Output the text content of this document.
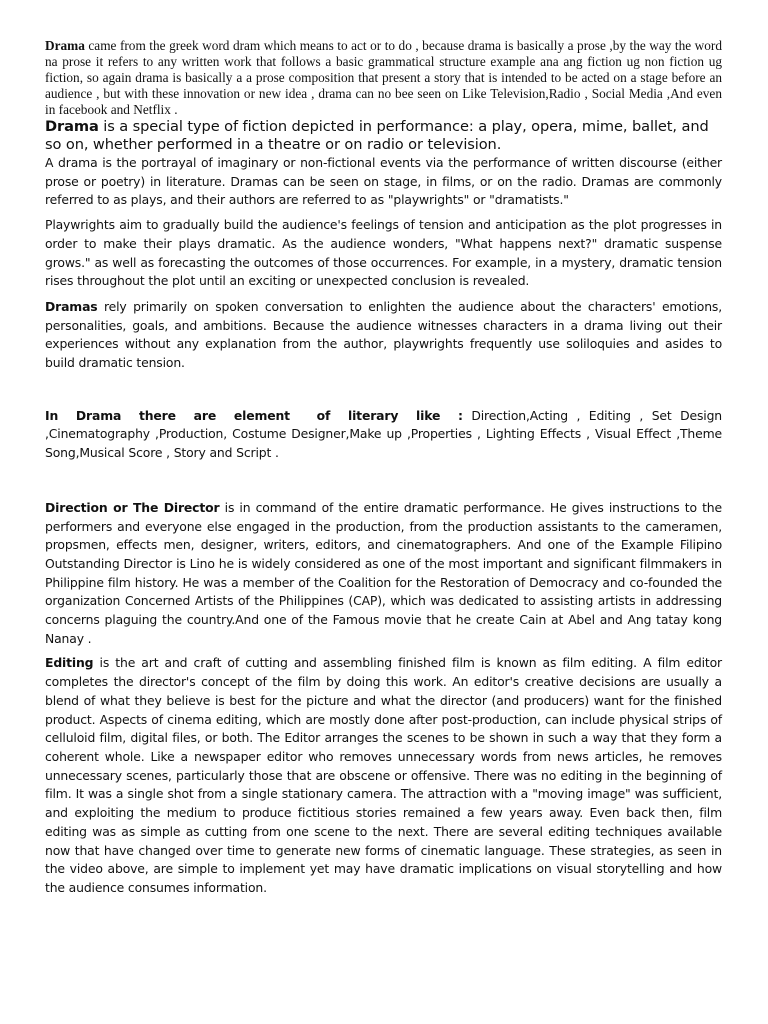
Drama came from the greek word dram which means to act or to do , because drama is basically a prose ,by the way the word na prose it refers to any written work that follows a basic grammatical structure example ana ang fiction ug non fiction ug fiction, so again drama is basically a a prose composition that present a story that is intended to be acted on a stage before an audience , but with these innovation or new idea , drama can no bee seen on Like Television,Radio , Social Media ,And even in facebook and Netflix .

Drama is a special type of fiction depicted in performance: a play, opera, mime, ballet, and so on, whether performed in a theatre or on radio or television.

A drama is the portrayal of imaginary or non-fictional events via the performance of written discourse (either prose or poetry) in literature. Dramas can be seen on stage, in films, or on the radio. Dramas are commonly referred to as plays, and their authors are referred to as "playwrights" or "dramatists."

Playwrights aim to gradually build the audience's feelings of tension and anticipation as the plot progresses in order to make their plays dramatic. As the audience wonders, "What happens next?" dramatic suspense grows." as well as forecasting the outcomes of those occurrences. For example, in a mystery, dramatic tension rises throughout the plot until an exciting or unexpected conclusion is revealed.

Dramas rely primarily on spoken conversation to enlighten the audience about the characters' emotions, personalities, goals, and ambitions. Because the audience witnesses characters in a drama living out their experiences without any explanation from the author, playwrights frequently use soliloquies and asides to build dramatic tension.

In  Drama  there  are  element   of  literary  like  : Direction,Acting , Editing , Set Design ,Cinematography ,Production, Costume Designer,Make up ,Properties , Lighting Effects , Visual Effect ,Theme Song,Musical Score , Story and Script .

Direction or The Director is in command of the entire dramatic performance. He gives instructions to the performers and everyone else engaged in the production, from the production assistants to the cameramen, propsmen, effects men, designer, writers, editors, and cinematographers. And one of the Example Filipino Outstanding Director is Lino he is widely considered as one of the most important and significant filmmakers in Philippine film history. He was a member of the Coalition for the Restoration of Democracy and co-founded the organization Concerned Artists of the Philippines (CAP), which was dedicated to assisting artists in addressing concerns plaguing the country.And one of the Famous movie that he create Cain at Abel and Ang tatay kong Nanay .

Editing is the art and craft of cutting and assembling finished film is known as film editing. A film editor completes the director's concept of the film by doing this work. An editor's creative decisions are usually a blend of what they believe is best for the picture and what the director (and producers) want for the finished product. Aspects of cinema editing, which are mostly done after post-production, can include physical strips of celluloid film, digital files, or both. The Editor arranges the scenes to be shown in such a way that they form a coherent whole. Like a newspaper editor who removes unnecessary words from news articles, he removes unnecessary scenes, particularly those that are obscene or offensive. There was no editing in the beginning of film. It was a single shot from a single stationary camera. The attraction with a "moving image" was sufficient, and exploiting the medium to produce fictitious stories remained a few years away. Even back then, film editing was as simple as cutting from one scene to the next. There are several editing techniques available now that have changed over time to generate new forms of cinematic language. These strategies, as seen in the video above, are simple to implement yet may have dramatic implications on visual storytelling and how the audience consumes information.
